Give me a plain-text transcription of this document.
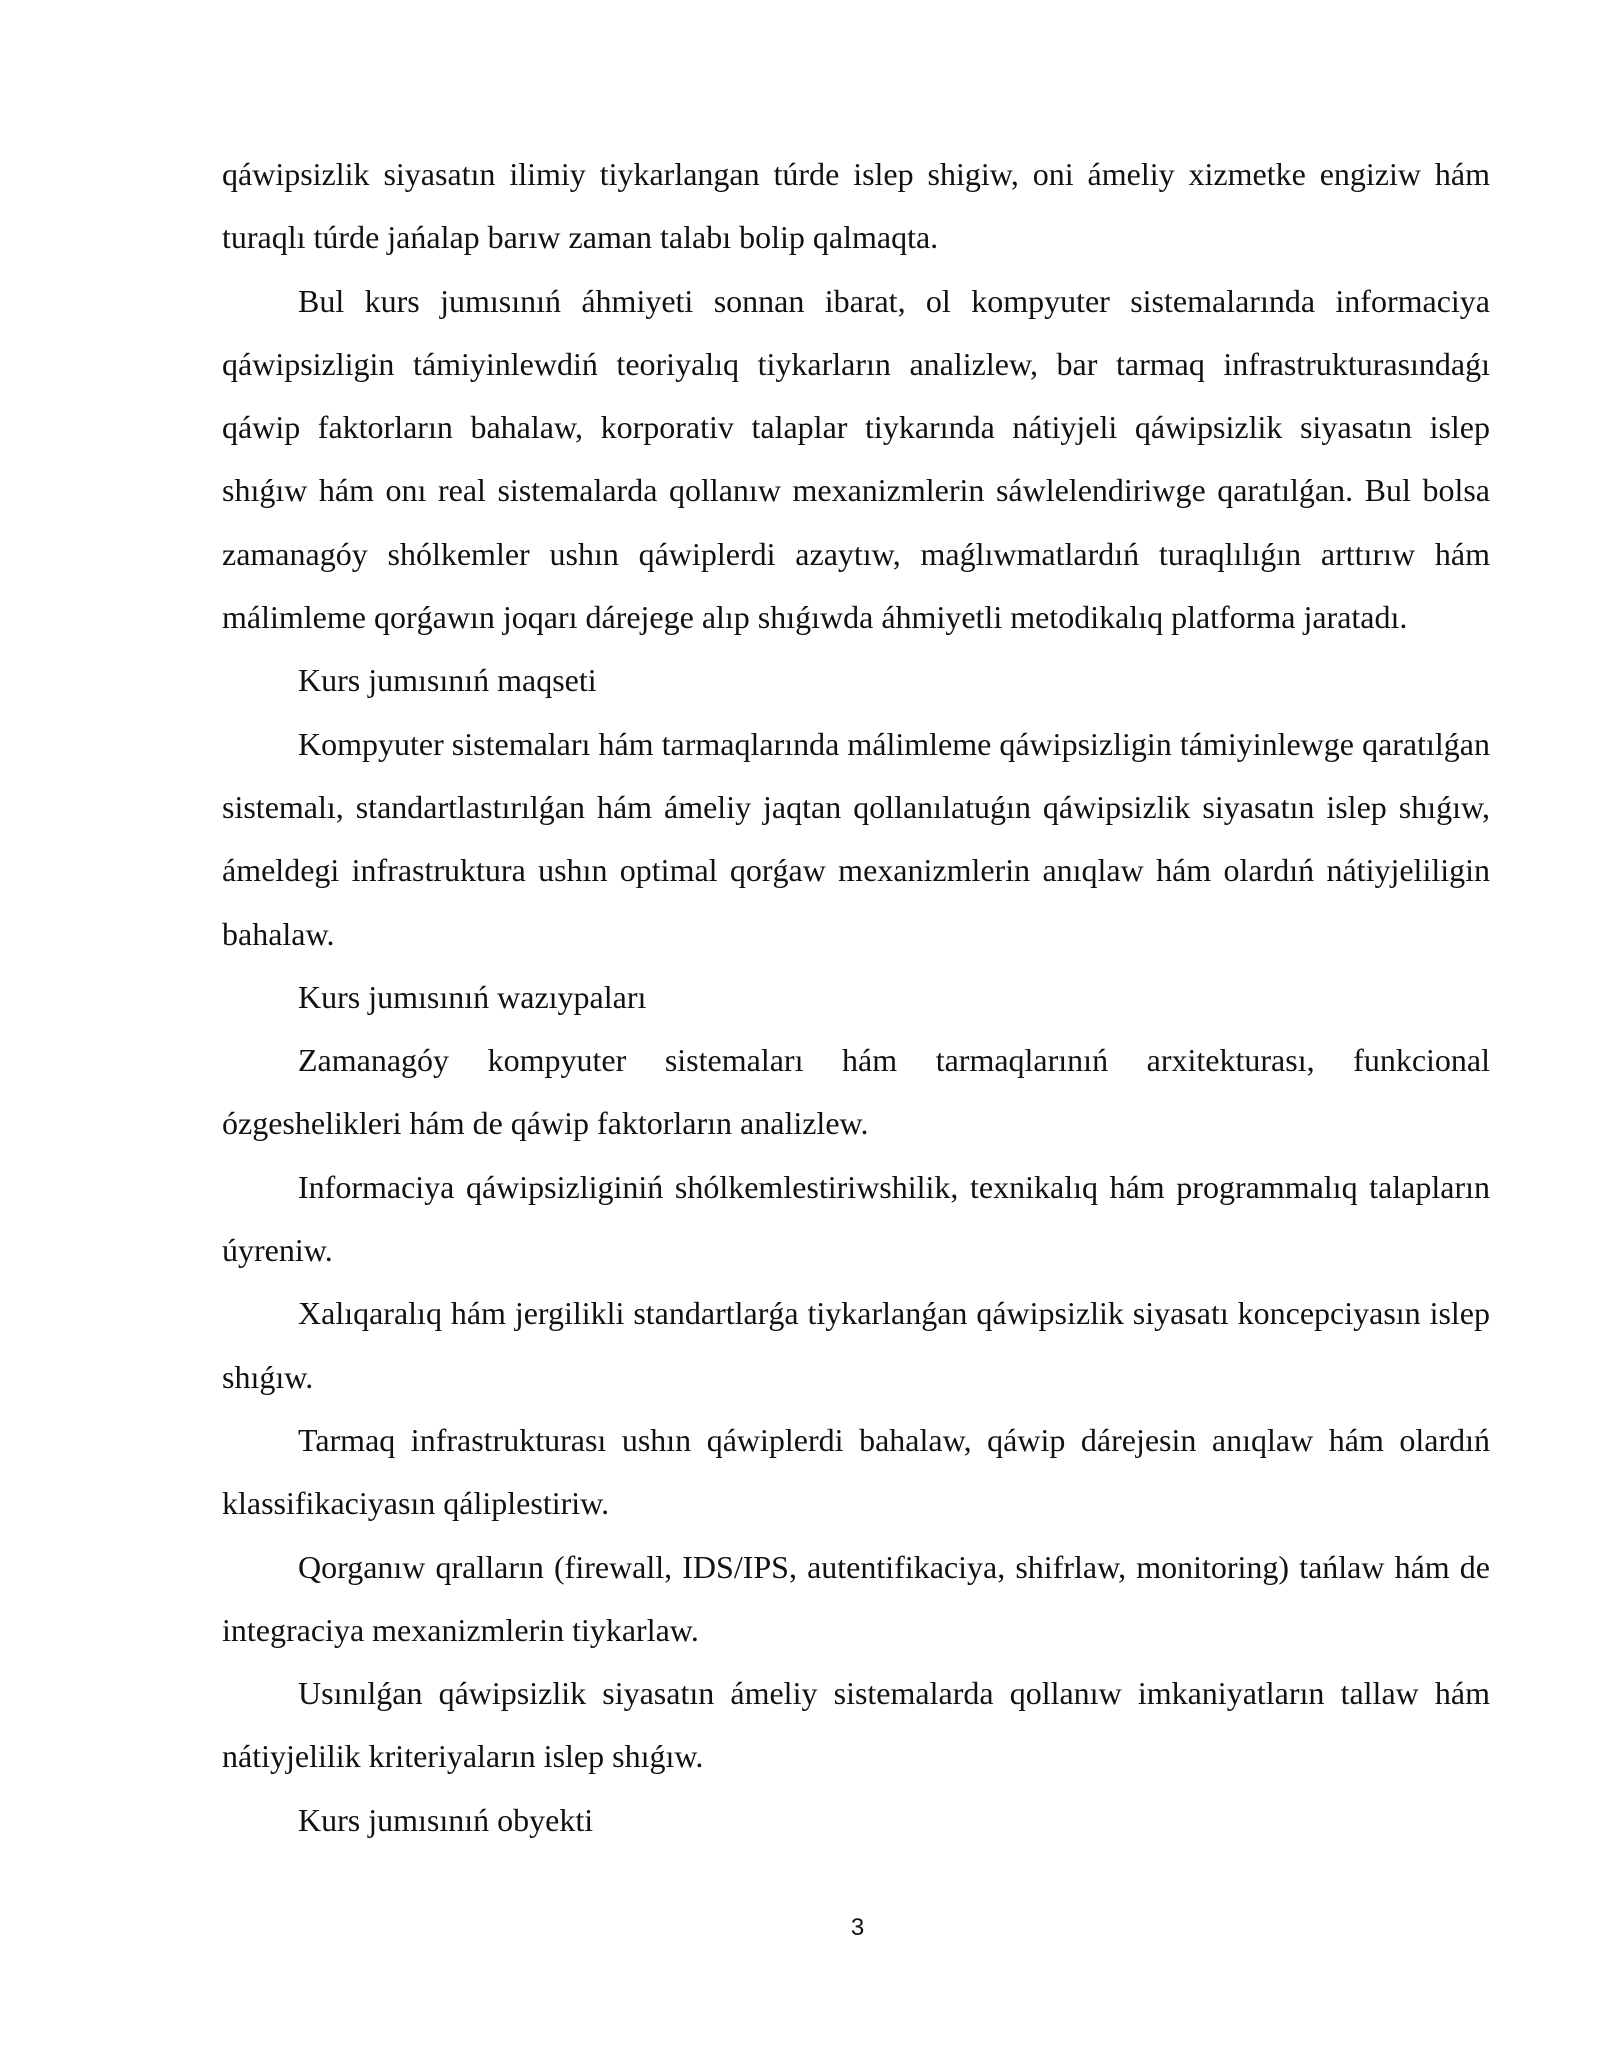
qáwipsizlik siyasatın ilimiy tiykarlangan túrde islep shigiw, oni ámeliy xizmetke engiziw hám turaqlı túrde jańalap barıw zaman talabı bolip qalmaqta.

Bul kurs jumısınıń áhmiyeti sonnan ibarat, ol kompyuter sistemalarında informaciya qáwipsizligin támiyinlewdiń teoriyalıq tiykarların analizlew, bar tarmaq infrastrukturasındaǵı qáwip faktorların bahalaw, korporativ talaplar tiykarında nátiyjeli qáwipsizlik siyasatın islep shıǵıw hám onı real sistemalarda qollanıw mexanizmlerin sáwlelendiriwge qaratılǵan. Bul bolsa zamanagóy shólkemler ushın qáwiplerdi azaytıw, maǵlıwmatlardıń turaqlılıǵın arttırıw hám málimleme qorǵawın joqarı dárejege alıp shıǵıwda áhmiyetli metodikalıq platforma jaratadı.

Kurs jumısınıń maqseti

Kompyuter sistemaları hám tarmaqlarında málimleme qáwipsizligin támiyinlewge qaratılǵan sistemalı, standartlastırılǵan hám ámeliy jaqtan qollanılatuǵın qáwipsizlik siyasatın islep shıǵıw, ámeldegi infrastruktura ushın optimal qorǵaw mexanizmlerin anıqlaw hám olardıń nátiyjeliligin bahalaw.

Kurs jumısınıń wazıypaları

Zamanagóy kompyuter sistemaları hám tarmaqlarınıń arxitekturası, funkcional ózgeshelikleri hám de qáwip faktorların analizlew.

Informaciya qáwipsizliginiń shólkemlestiriwshilik, texnikalıq hám programmalıq talapların úyreniw.

Xalıqaralıq hám jergilikli standartlarǵa tiykarlanǵan qáwipsizlik siyasatı koncepciyasın islep shıǵıw.

Tarmaq infrastrukturası ushın qáwiplerdi bahalaw, qáwip dárejesin anıqlaw hám olardıń klassifikaciyasın qáliplestiriw.

Qorganıw qralların (firewall, IDS/IPS, autentifikaciya, shifrlaw, monitoring) tańlaw hám de integraciya mexanizmlerin tiykarlaw.

Usınılǵan qáwipsizlik siyasatın ámeliy sistemalarda qollanıw imkaniyatların tallaw hám nátiyjelilik kriteriyaların islep shıǵıw.

Kurs jumısınıń obyekti

3
